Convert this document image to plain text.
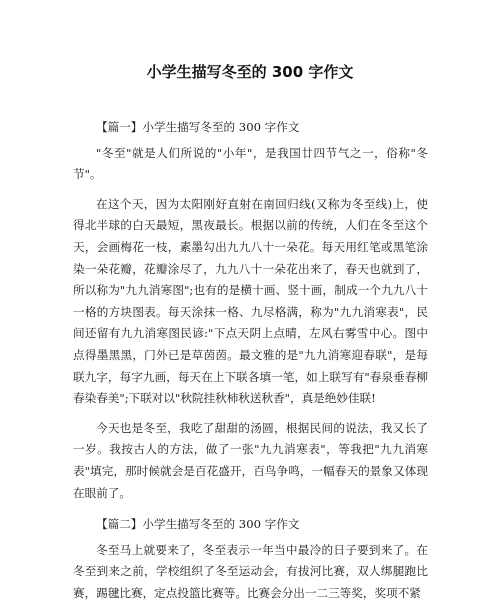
小学生描写冬至的 300 字作文

【篇一】小学生描写冬至的 300 字作文

"冬至"就是人们所说的"小年"，是我国廿四节气之一，俗称"冬节"。

在这个天，因为太阳刚好直射在南回归线(又称为冬至线)上，使得北半球的白天最短，黑夜最长。根据以前的传统，人们在冬至这个天，会画梅花一枝，素墨勾出九九八十一朵花。每天用红笔或黑笔涂染一朵花瓣，花瓣涂尽了，九九八十一朵花出来了，春天也就到了，所以称为"九九消寒图";也有的是横十画、竖十画，制成一个九九八十一格的方块图表。每天涂抹一格、九尽格满，称为"九九消寒表"，民间还留有九九消寒图民谚:"下点天阴上点晴，左风右雾雪中心。图中点得墨黑黑，门外已是草茵茵。最文雅的是"九九消寒迎春联"，是每联九字，每字九画，每天在上下联各填一笔，如上联写有"春泉垂春柳春染春美";下联对以"秋院挂秋柿秋送秋香"，真是绝妙佳联!

今天也是冬至，我吃了甜甜的汤圆，根据民间的说法，我又长了一岁。我按古人的方法，做了一张"九九消寒表"，等我把"九九消寒表"填完，那时候就会是百花盛开，百鸟争鸣，一幅春天的景象又体现在眼前了。

【篇二】小学生描写冬至的 300 字作文

冬至马上就要来了，冬至表示一年当中最冷的日子要到来了。在冬至到来之前，学校组织了冬至运动会，有拔河比赛，双人绑腿跑比赛，踢毽比赛，定点投篮比赛等。比赛会分出一二三等奖，奖项不紧
